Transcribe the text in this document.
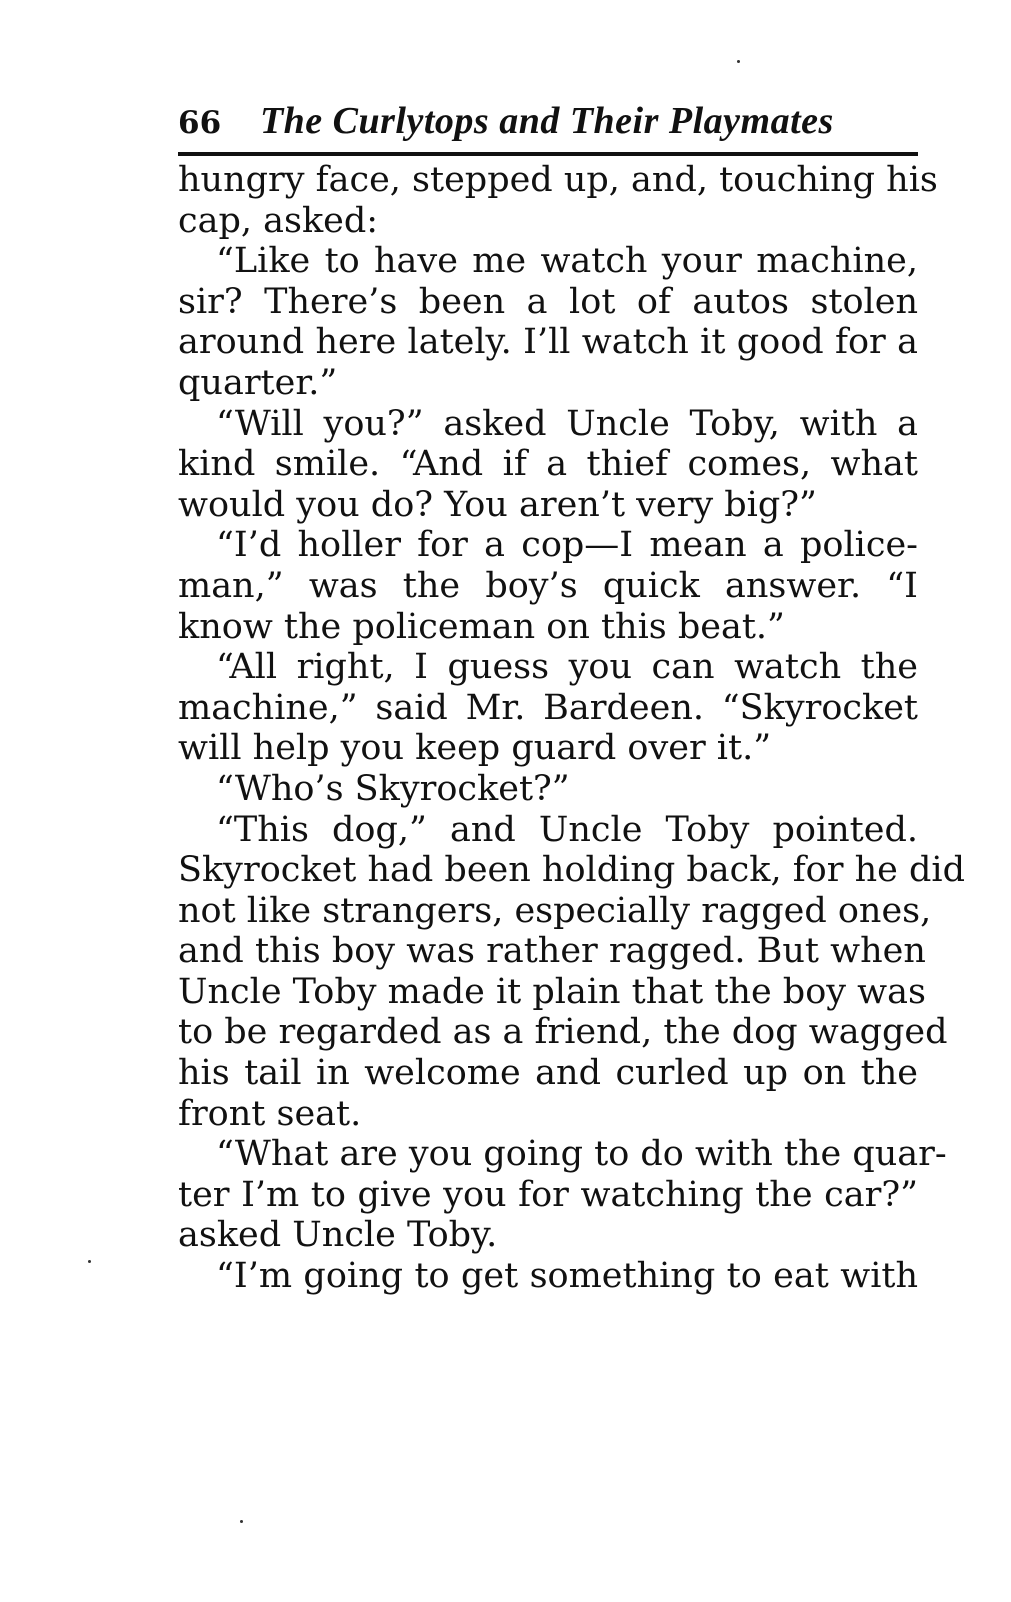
66 The Curlytops and Their Playmates
hungry face, stepped up, and, touching his
cap, asked:
“Like to have me watch your machine,
sir? There’s been a lot of autos stolen
around here lately. I’ll watch it good for a
quarter.”
“Will you?” asked Uncle Toby, with a
kind smile. “And if a thief comes, what
would you do? You aren’t very big?”
“I’d holler for a cop—I mean a police-
man,” was the boy’s quick answer. “I
know the policeman on this beat.”
“All right, I guess you can watch the
machine,” said Mr. Bardeen. “Skyrocket
will help you keep guard over it.”
“Who’s Skyrocket?”
“This dog,” and Uncle Toby pointed.
Skyrocket had been holding back, for he did
not like strangers, especially ragged ones,
and this boy was rather ragged. But when
Uncle Toby made it plain that the boy was
to be regarded as a friend, the dog wagged
his tail in welcome and curled up on the
front seat.
“What are you going to do with the quar-
ter I’m to give you for watching the car?”
asked Uncle Toby.
“I’m going to get something to eat with
